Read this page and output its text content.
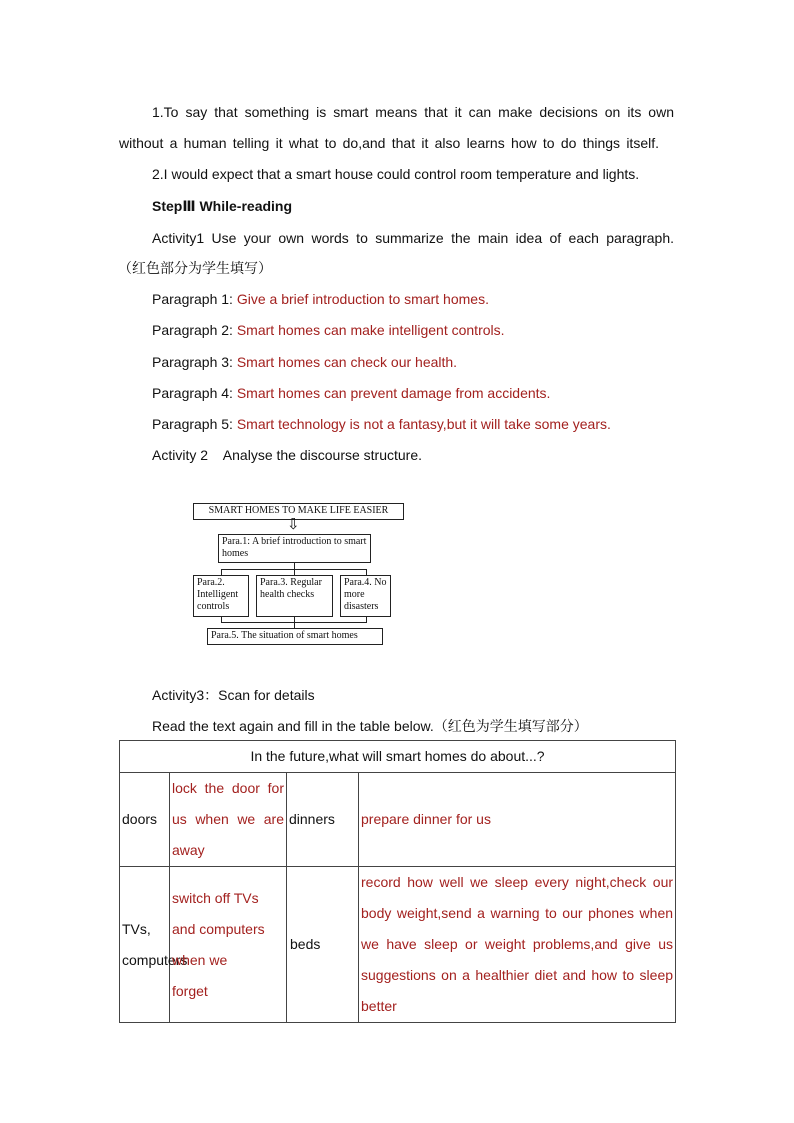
1.To say that something is smart means that it can make decisions on its own
without a human telling it what to do,and that it also learns how to do things itself.
2.I would expect that a smart house could control room temperature and lights.
StepⅢ While-reading
Activity1 Use your own words to summarize the main idea of each paragraph.
（红色部分为学生填写）
Paragraph 1: Give a brief introduction to smart homes.
Paragraph 2: Smart homes can make intelligent controls.
Paragraph 3: Smart homes can check our health.
Paragraph 4: Smart homes can prevent damage from accidents.
Paragraph 5: Smart technology is not a fantasy,but it will take some years.
Activity 2    Analyse the discourse structure.
SMART HOMES TO MAKE LIFE EASIER
⇩
Para.1: A brief introduction to smart homes
Para.2. Intelligent controls
Para.3. Regular health checks
Para.4. No more disasters
Para.5. The situation of smart homes
Activity3：Scan for details
Read the text again and fill in the table below.（红色为学生填写部分）
In the future,what will smart homes do about...?			
doors	lock the door for us when we are away	dinners	prepare dinner for us
TVs, computers	switch off TVs and computers when we forget	beds	record how well we sleep every night,check our body weight,send a warning to our phones when we have sleep or weight problems,and give us suggestions on a healthier diet and how to sleep better
